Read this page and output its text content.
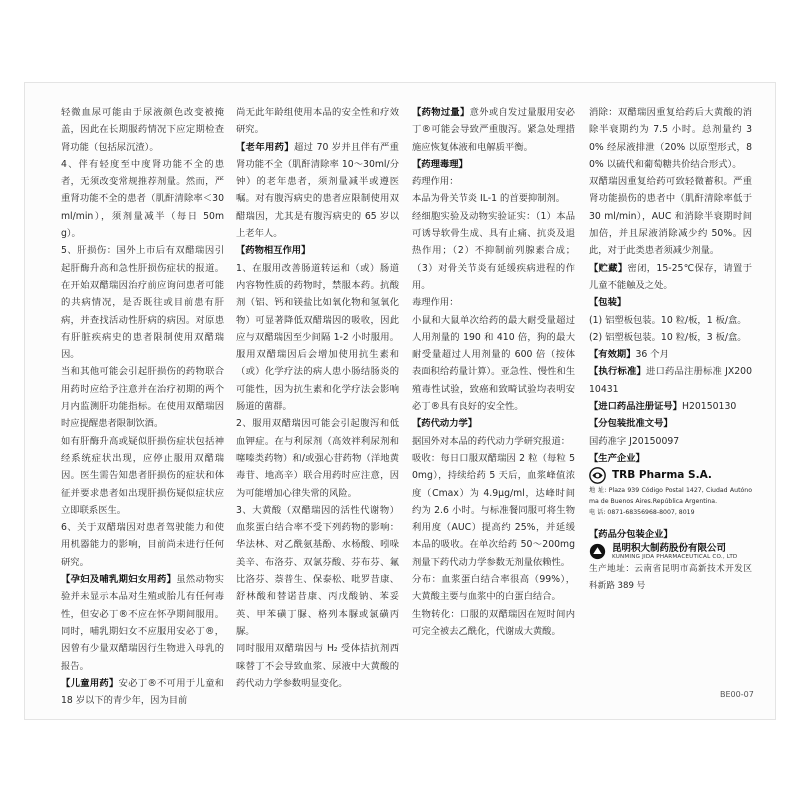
轻微血尿可能由于尿液颜色改变被掩盖，因此在长期服药情况下应定期检查肾功能（包括尿沉渣）。

4、伴有轻度至中度肾功能不全的患者，无须改变常规推荐剂量。然而，严重肾功能不全的患者（肌酐清除率＜30ml/min），须剂量减半（每日 50mg）。

5、肝损伤：国外上市后有双醋瑞因引起肝酶升高和急性肝损伤症状的报道。在开始双醋瑞因治疗前应询问患者可能的共病情况，是否既往或目前患有肝病，并查找活动性肝病的病因。对原患有肝脏疾病史的患者限制使用双醋瑞因。

当和其他可能会引起肝损伤的药物联合用药时应给予注意并在治疗初期的两个月内监测肝功能指标。在使用双醋瑞因时应提醒患者限制饮酒。

如有肝酶升高或疑似肝损伤症状包括神经系统症状出现，应停止服用双醋瑞因。医生需告知患者肝损伤的症状和体征并要求患者如出现肝损伤疑似症状应立即联系医生。

6、关于双醋瑞因对患者驾驶能力和使用机器能力的影响，目前尚未进行任何研究。

【孕妇及哺乳期妇女用药】虽然动物实验并未显示本品对生殖或胎儿有任何毒性，但安必丁®不应在怀孕期间服用。同时，哺乳期妇女不应服用安必丁®，因曾有少量双醋瑞因行生物进入母乳的报告。

【儿童用药】安必丁®不可用于儿童和 18 岁以下的青少年，因为目前

尚无此年龄组使用本品的安全性和疗效研究。

【老年用药】超过 70 岁并且伴有严重肾功能不全（肌酐清除率 10～30ml/分钟）的老年患者，须剂量减半或遵医嘱。对有腹泻病史的患者应限制使用双醋瑞因，尤其是有腹泻病史的 65 岁以上老年人。

【药物相互作用】

1、在服用改善肠道转运和（或）肠道内容物性质的药物时，禁服本药。抗酸剂（铝、钙和镁盐比如氧化物和氢氧化物）可显著降低双醋瑞因的吸收，因此应与双醋瑞因至少间隔 1-2 小时服用。服用双醋瑞因后会增加使用抗生素和（或）化学疗法的病人患小肠结肠炎的可能性，因为抗生素和化学疗法会影响肠道的菌群。

2、服用双醋瑞因可能会引起腹泻和低血钾症。在与利尿剂（高效袢利尿剂和噻嗪类药物）和/或强心苷药物（洋地黄毒苷、地高辛）联合用药时应注意，因为可能增加心律失常的风险。

3、大黄酸（双醋瑞因的活性代谢物）血浆蛋白结合率不受下列药物的影响：华法林、对乙酰氨基酚、水杨酸、吲哚美辛、布洛芬、双氯芬酸、芬布芬、氟比洛芬、萘普生、保泰松、吡罗昔康、舒林酸和替诺昔康、丙戊酸钠、苯妥英、甲苯磺丁脲、格列本脲或氯磺丙脲。

同时服用双醋瑞因与 H₂ 受体拮抗剂西咪替丁不会导致血浆、尿液中大黄酸的药代动力学参数明显变化。

【药物过量】意外或自发过量服用安必丁®可能会导致严重腹泻。紧急处理措施应恢复体液和电解质平衡。

【药理毒理】

药理作用：

本品为骨关节炎 IL-1 的首要抑制剂。

经细胞实验及动物实验证实：（1）本品可诱导软骨生成、具有止痛、抗炎及退热作用；（2）不抑制前列腺素合成；（3）对骨关节炎有延缓疾病进程的作用。

毒理作用：

小鼠和大鼠单次给药的最大耐受量超过人用剂量的 190 和 410 倍，狗的最大耐受量超过人用剂量的 600 倍（按体表面积给药量计算）。亚急性、慢性和生殖毒性试验，致癌和致畸试验均表明安必丁®具有良好的安全性。

【药代动力学】

据国外对本品的药代动力学研究报道：

吸收：每日口服双醋瑞因 2 粒（每粒 50mg），持续给药 5 天后，血浆峰值浓度（Cmax）为 4.9μg/ml，达峰时间约为 2.6 小时。与标准餐同服可将生物利用度（AUC）提高约 25%，并延缓本品的吸收。在单次给药 50～200mg 剂量下药代动力学参数无剂量依赖性。

分布：血浆蛋白结合率很高（99%），大黄酸主要与血浆中的白蛋白结合。

生物转化：口服的双醋瑞因在短时间内可完全被去乙酰化，代谢成大黄酸。

消除：双醋瑞因重复给药后大黄酸的消除半衰期约为 7.5 小时。总剂量约 30% 经尿液排泄（20% 以原型形式，80% 以硫代和葡萄糖共价结合形式）。

双醋瑞因重复给药可致轻微蓄积。严重肾功能损伤的患者中（肌酐清除率低于 30 ml/min），AUC 和消除半衰期时间加倍，并且尿液消除减少约 50%。因此，对于此类患者须减少剂量。

【贮藏】密闭，15-25℃保存，请置于儿童不能触及之处。

【包装】

(1) 铝塑板包装。10 粒/板，1 板/盒。

(2) 铝塑板包装。10 粒/板，3 板/盒。

【有效期】36 个月

【执行标准】进口药品注册标准 JX20010431

【进口药品注册证号】H20150130

【分包装批准文号】

国药准字 J20150097

【生产企业】

TRB Pharma S.A.

地 址: Plaza 939 Código Postal 1427, Ciudad Autónoma de Buenos Aires.República Argentina.

电 话: 0871-68356968-8007, 8019

【药品分包装企业】

昆明积大制药股份有限公司
KUNMING JIDA PHARMACEUTICAL CO., LTD

生产地址：云南省昆明市高新技术开发区科新路 389 号

BE00-07
